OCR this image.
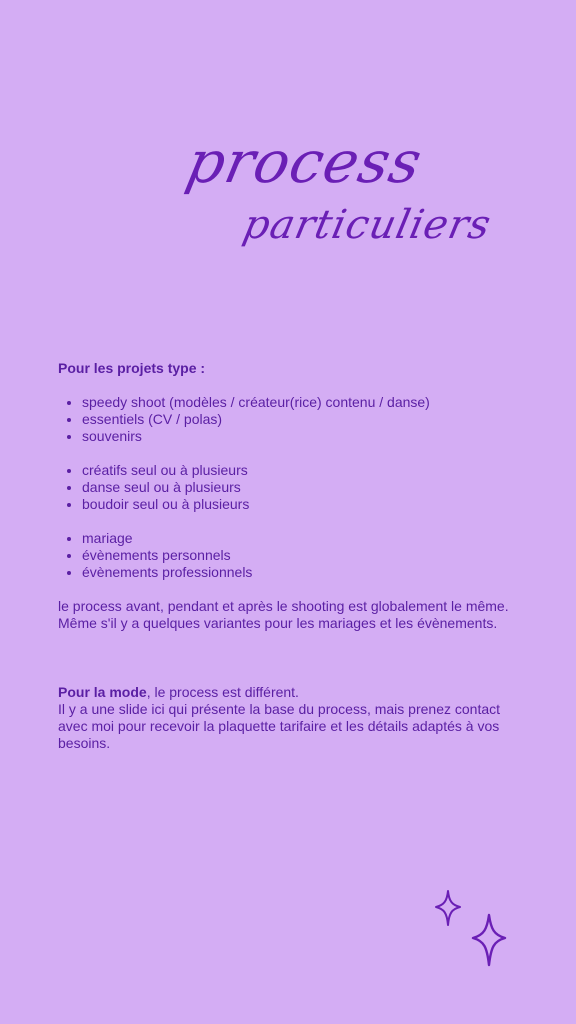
process
particuliers

Pour les projets type :

• speedy shoot (modèles / créateur(rice) contenu / danse)
• essentiels (CV / polas)
• souvenirs
• créatifs seul ou à plusieurs
• danse seul ou à plusieurs
• boudoir seul ou à plusieurs
• mariage
• évènements personnels
• évènements professionnels

le process avant, pendant et après le shooting est globalement le même. Même s'il y a quelques variantes pour les mariages et les évènements.

Pour la mode, le process est différent.

Il y a une slide ici qui présente la base du process, mais prenez contact avec moi pour recevoir la plaquette tarifaire et les détails adaptés à vos besoins.
